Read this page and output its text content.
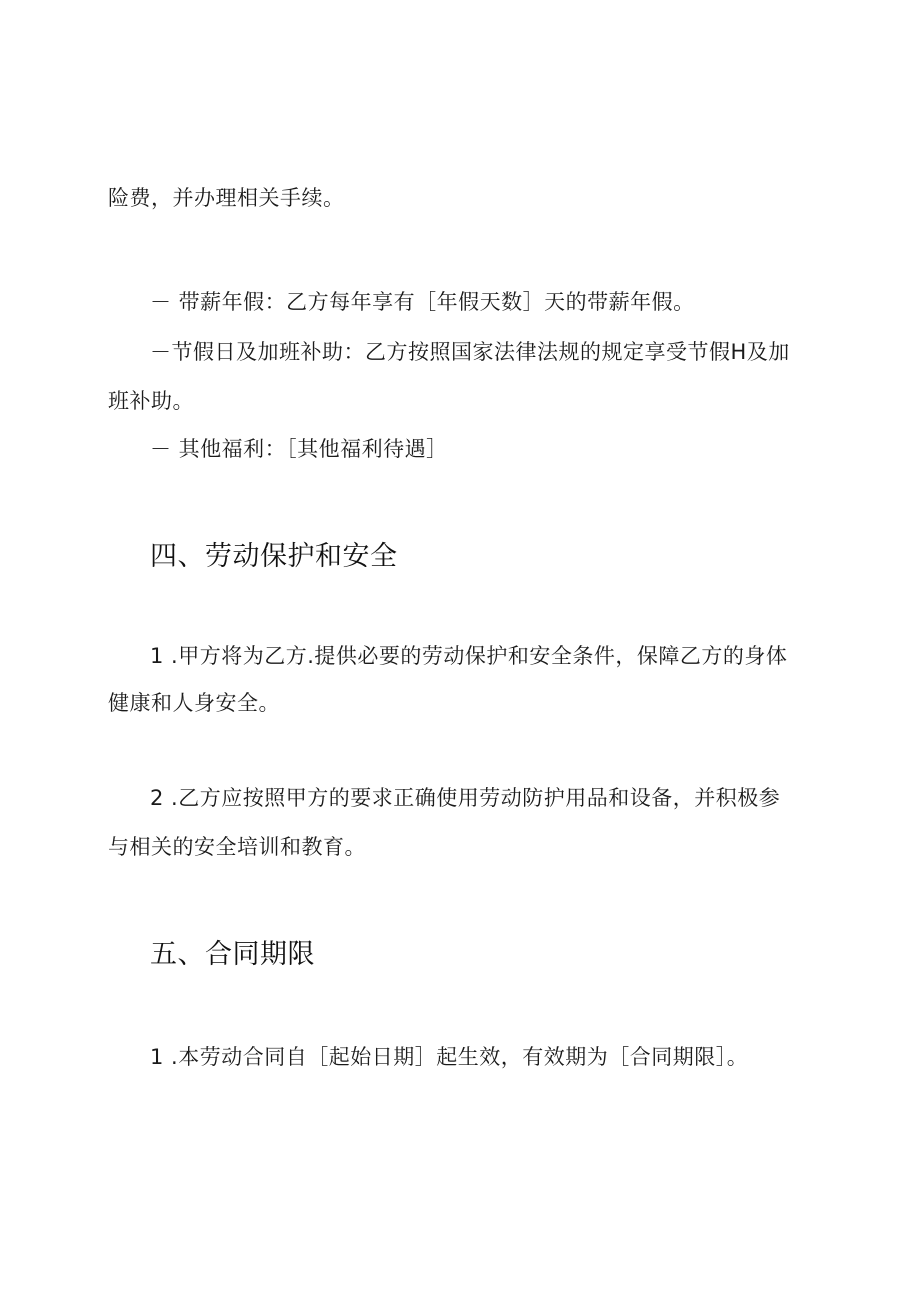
险费，并办理相关手续。
－ 带薪年假：乙方每年享有［年假天数］天的带薪年假。
－节假日及加班补助：乙方按照国家法律法规的规定享受节假H及加
班补助。
－ 其他福利：［其他福利待遇］
四、劳动保护和安全
1 .甲方将为乙方.提供必要的劳动保护和安全条件，保障乙方的身体
健康和人身安全。
2 .乙方应按照甲方的要求正确使用劳动防护用品和设备，并积极参
与相关的安全培训和教育。
五、合同期限
1 .本劳动合同自［起始日期］起生效，有效期为［合同期限］。
